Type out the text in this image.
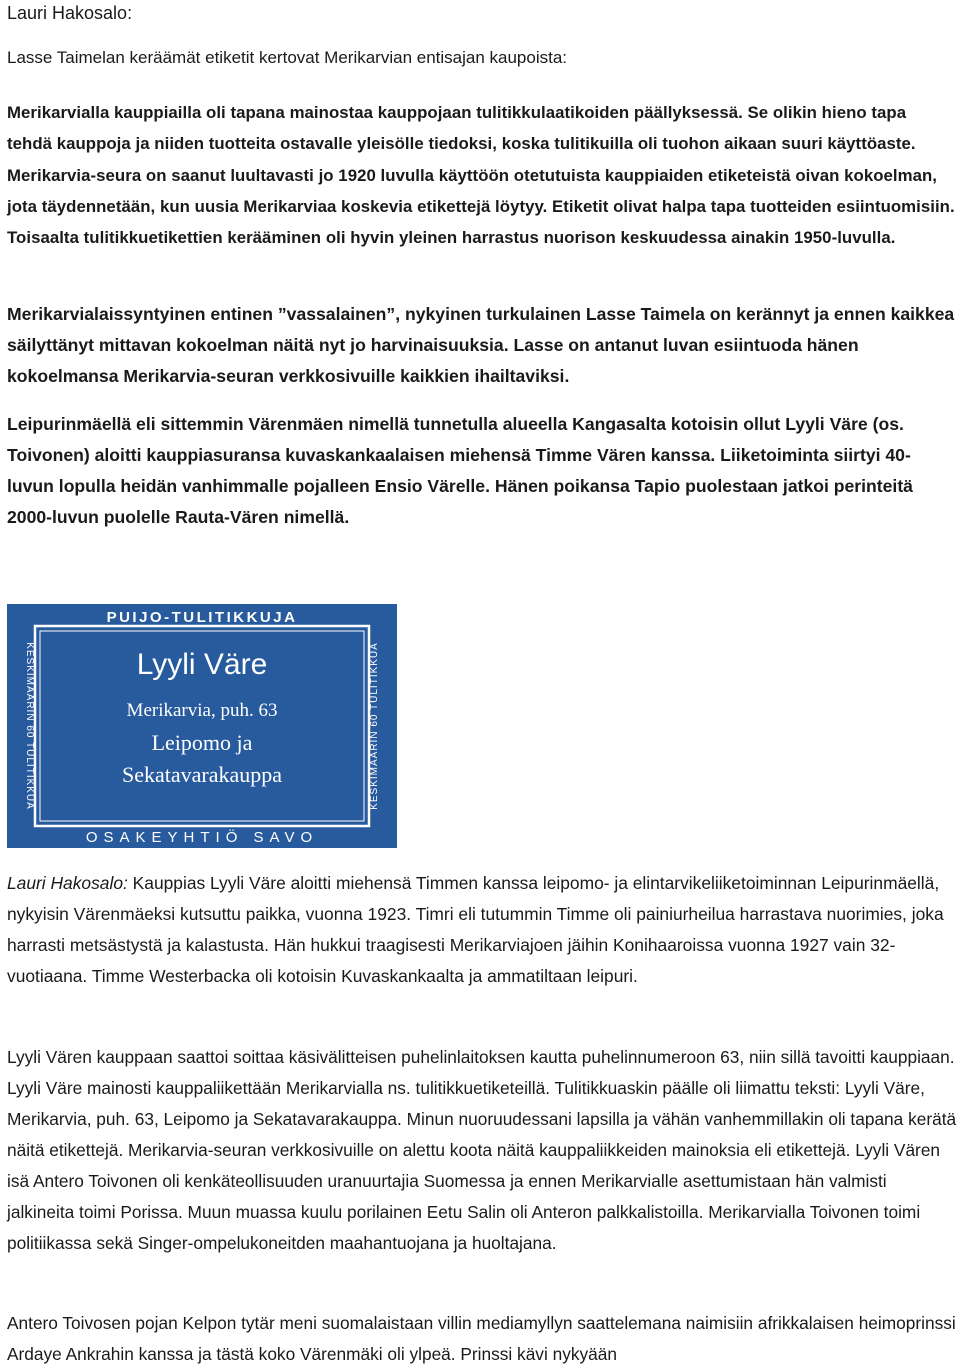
Lauri Hakosalo:

Lasse Taimelan keräämät etiketit kertovat Merikarvian entisajan kaupoista:

Merikarvialla kauppiailla oli tapana mainostaa kauppojaan tulitikkulaatikoiden päällyksessä. Se olikin hieno tapa tehdä kauppoja ja niiden tuotteita ostavalle yleisölle tiedoksi, koska tulitikuilla oli tuohon aikaan suuri käyttöaste. Merikarvia-seura on saanut luultavasti jo 1920 luvulla käyttöön otetutuista kauppiaiden etiketeistä oivan kokoelman, jota täydennetään, kun uusia Merikarviaa koskevia etikettejä löytyy. Etiketit olivat halpa tapa tuotteiden esiintuomisiin. Toisaalta tulitikkuetikettien kerääminen oli hyvin yleinen harrastus nuorison keskuudessa ainakin 1950-luvulla.

Merikarvialaissyntyinen entinen ”vassalainen”, nykyinen turkulainen Lasse Taimela on kerännyt ja ennen kaikkea säilyttänyt mittavan kokoelman näitä nyt jo harvinaisuuksia. Lasse on antanut luvan esiintuoda hänen kokoelmansa Merikarvia-seuran verkkosivuille kaikkien ihailtaviksi.

Leipurinmäellä eli sittemmin Värenmäen nimellä tunnetulla alueella Kangasalta kotoisin ollut Lyyli Väre (os. Toivonen) aloitti kauppiasuransa kuvaskankaalaisen miehensä Timme Vären kanssa. Liiketoiminta siirtyi 40-luvun lopulla heidän vanhimmalle pojalleen Ensio Värelle. Hänen poikansa Tapio puolestaan jatkoi perinteitä 2000-luvun puolelle Rauta-Vären nimellä.

PUIJO-TULITIKKUJA
OSAKEYHTIÖ SAVO
KESKIMÄÄRIN 60 TULITIKKUA	KESKIMÄÄRIN 60 TULITIKKUA
Lyyli Väre
Merikarvia, puh. 63
Leipomo ja
Sekatavarakauppa

Lauri Hakosalo: Kauppias Lyyli Väre aloitti miehensä Timmen kanssa leipomo- ja elintarvikeliiketoiminnan Leipurinmäellä, nykyisin Värenmäeksi kutsuttu paikka, vuonna 1923. Timri eli tutummin Timme oli painiurheilua harrastava nuorimies, joka harrasti metsästystä ja kalastusta. Hän hukkui traagisesti Merikarviajoen jäihin Konihaaroissa vuonna 1927 vain 32-vuotiaana. Timme Westerbacka oli kotoisin Kuvaskankaalta ja ammatiltaan leipuri.

Lyyli Vären kauppaan saattoi soittaa käsivälitteisen puhelinlaitoksen kautta puhelinnumeroon 63, niin sillä tavoitti kauppiaan. Lyyli Väre mainosti kauppaliikettään Merikarvialla ns. tulitikkuetiketeillä. Tulitikkuaskin päälle oli liimattu teksti: Lyyli Väre, Merikarvia, puh. 63, Leipomo ja Sekatavarakauppa. Minun nuoruudessani lapsilla ja vähän vanhemmillakin oli tapana kerätä näitä etikettejä. Merikarvia-seuran verkkosivuille on alettu koota näitä kauppaliikkeiden mainoksia eli etikettejä. Lyyli Vären isä Antero Toivonen oli kenkäteollisuuden uranuurtajia Suomessa ja ennen Merikarvialle asettumistaan hän valmisti jalkineita toimi Porissa. Muun muassa kuulu porilainen Eetu Salin oli Anteron palkkalistoilla. Merikarvialla Toivonen toimi politiikassa sekä Singer-ompelukoneitden maahantuojana ja huoltajana.

Antero Toivosen pojan Kelpon tytär meni suomalaistaan villin mediamyllyn saattelemana naimisiin afrikkalaisen heimoprinssi Ardaye Ankrahin kanssa ja tästä koko Värenmäki oli ylpeä. Prinssi kävi nykyään
